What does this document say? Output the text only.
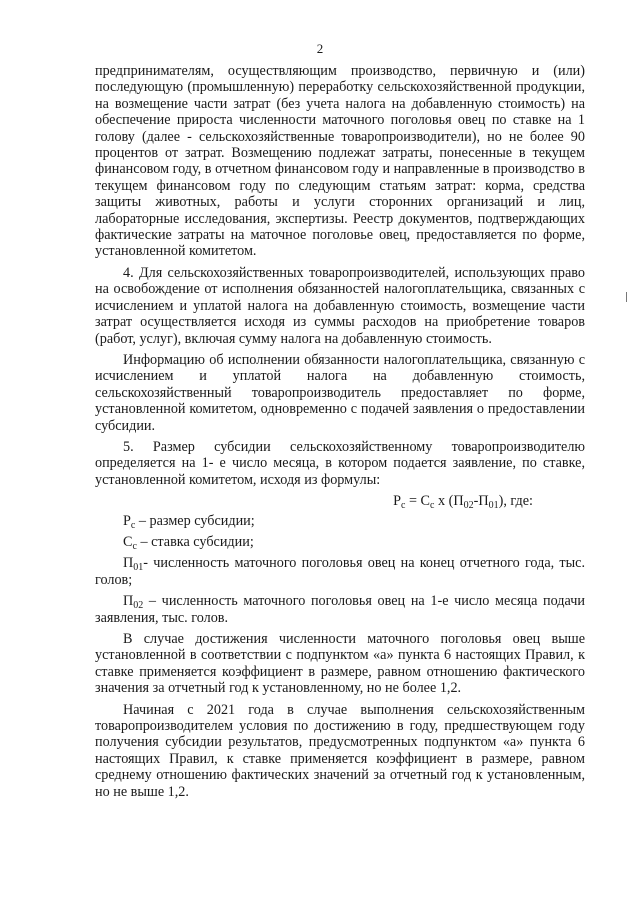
2

предпринимателям, осуществляющим производство, первичную и (или) последующую (промышленную) переработку сельскохозяйственной продукции, на возмещение части затрат (без учета налога на добавленную стоимость) на обеспечение прироста численности маточного поголовья овец по ставке на 1 голову (далее - сельскохозяйственные товаропроизводители), но не более 90 процентов от затрат. Возмещению подлежат затраты, понесенные в текущем финансовом году, в отчетном финансовом году и направленные в производство в текущем финансовом году по следующим статьям затрат: корма, средства защиты животных, работы и услуги сторонних организаций и лиц, лабораторные исследования, экспертизы. Реестр документов, подтверждающих фактические затраты на маточное поголовье овец, предоставляется по форме, установленной комитетом.

4. Для сельскохозяйственных товаропроизводителей, использующих право на освобождение от исполнения обязанностей налогоплательщика, связанных с исчислением и уплатой налога на добавленную стоимость, возмещение части затрат осуществляется исходя из суммы расходов на приобретение товаров (работ, услуг), включая сумму налога на добавленную стоимость.

Информацию об исполнении обязанности налогоплательщика, связанную с исчислением и уплатой налога на добавленную стоимость, сельскохозяйственный товаропроизводитель предоставляет по форме, установленной комитетом, одновременно с подачей заявления о предоставлении субсидии.

5. Размер субсидии сельскохозяйственному товаропроизводителю определяется на 1- е число месяца, в котором подается заявление, по ставке, установленной комитетом, исходя из формулы:

$Р_с = С_с$ х $(П_{02}-П_{01})$, где:

$Р_с$ – размер субсидии;

$С_с$ – ставка субсидии;

$П_{01}-$ численность маточного поголовья овец на конец отчетного года, тыс. голов;

$П_{02}$ – численность маточного поголовья овец на 1-е число месяца подачи заявления, тыс. голов.

В случае достижения численности маточного поголовья овец выше установленной в соответствии с подпунктом «а» пункта 6 настоящих Правил, к ставке применяется коэффициент в размере, равном отношению фактического значения за отчетный год к установленному, но не более 1,2.

Начиная с 2021 года в случае выполнения сельскохозяйственным товаропроизводителем условия по достижению в году, предшествующем году получения субсидии результатов, предусмотренных подпунктом «а» пункта 6 настоящих Правил, к ставке применяется коэффициент в размере, равном среднему отношению фактических значений за отчетный год к установленным, но не выше 1,2.
